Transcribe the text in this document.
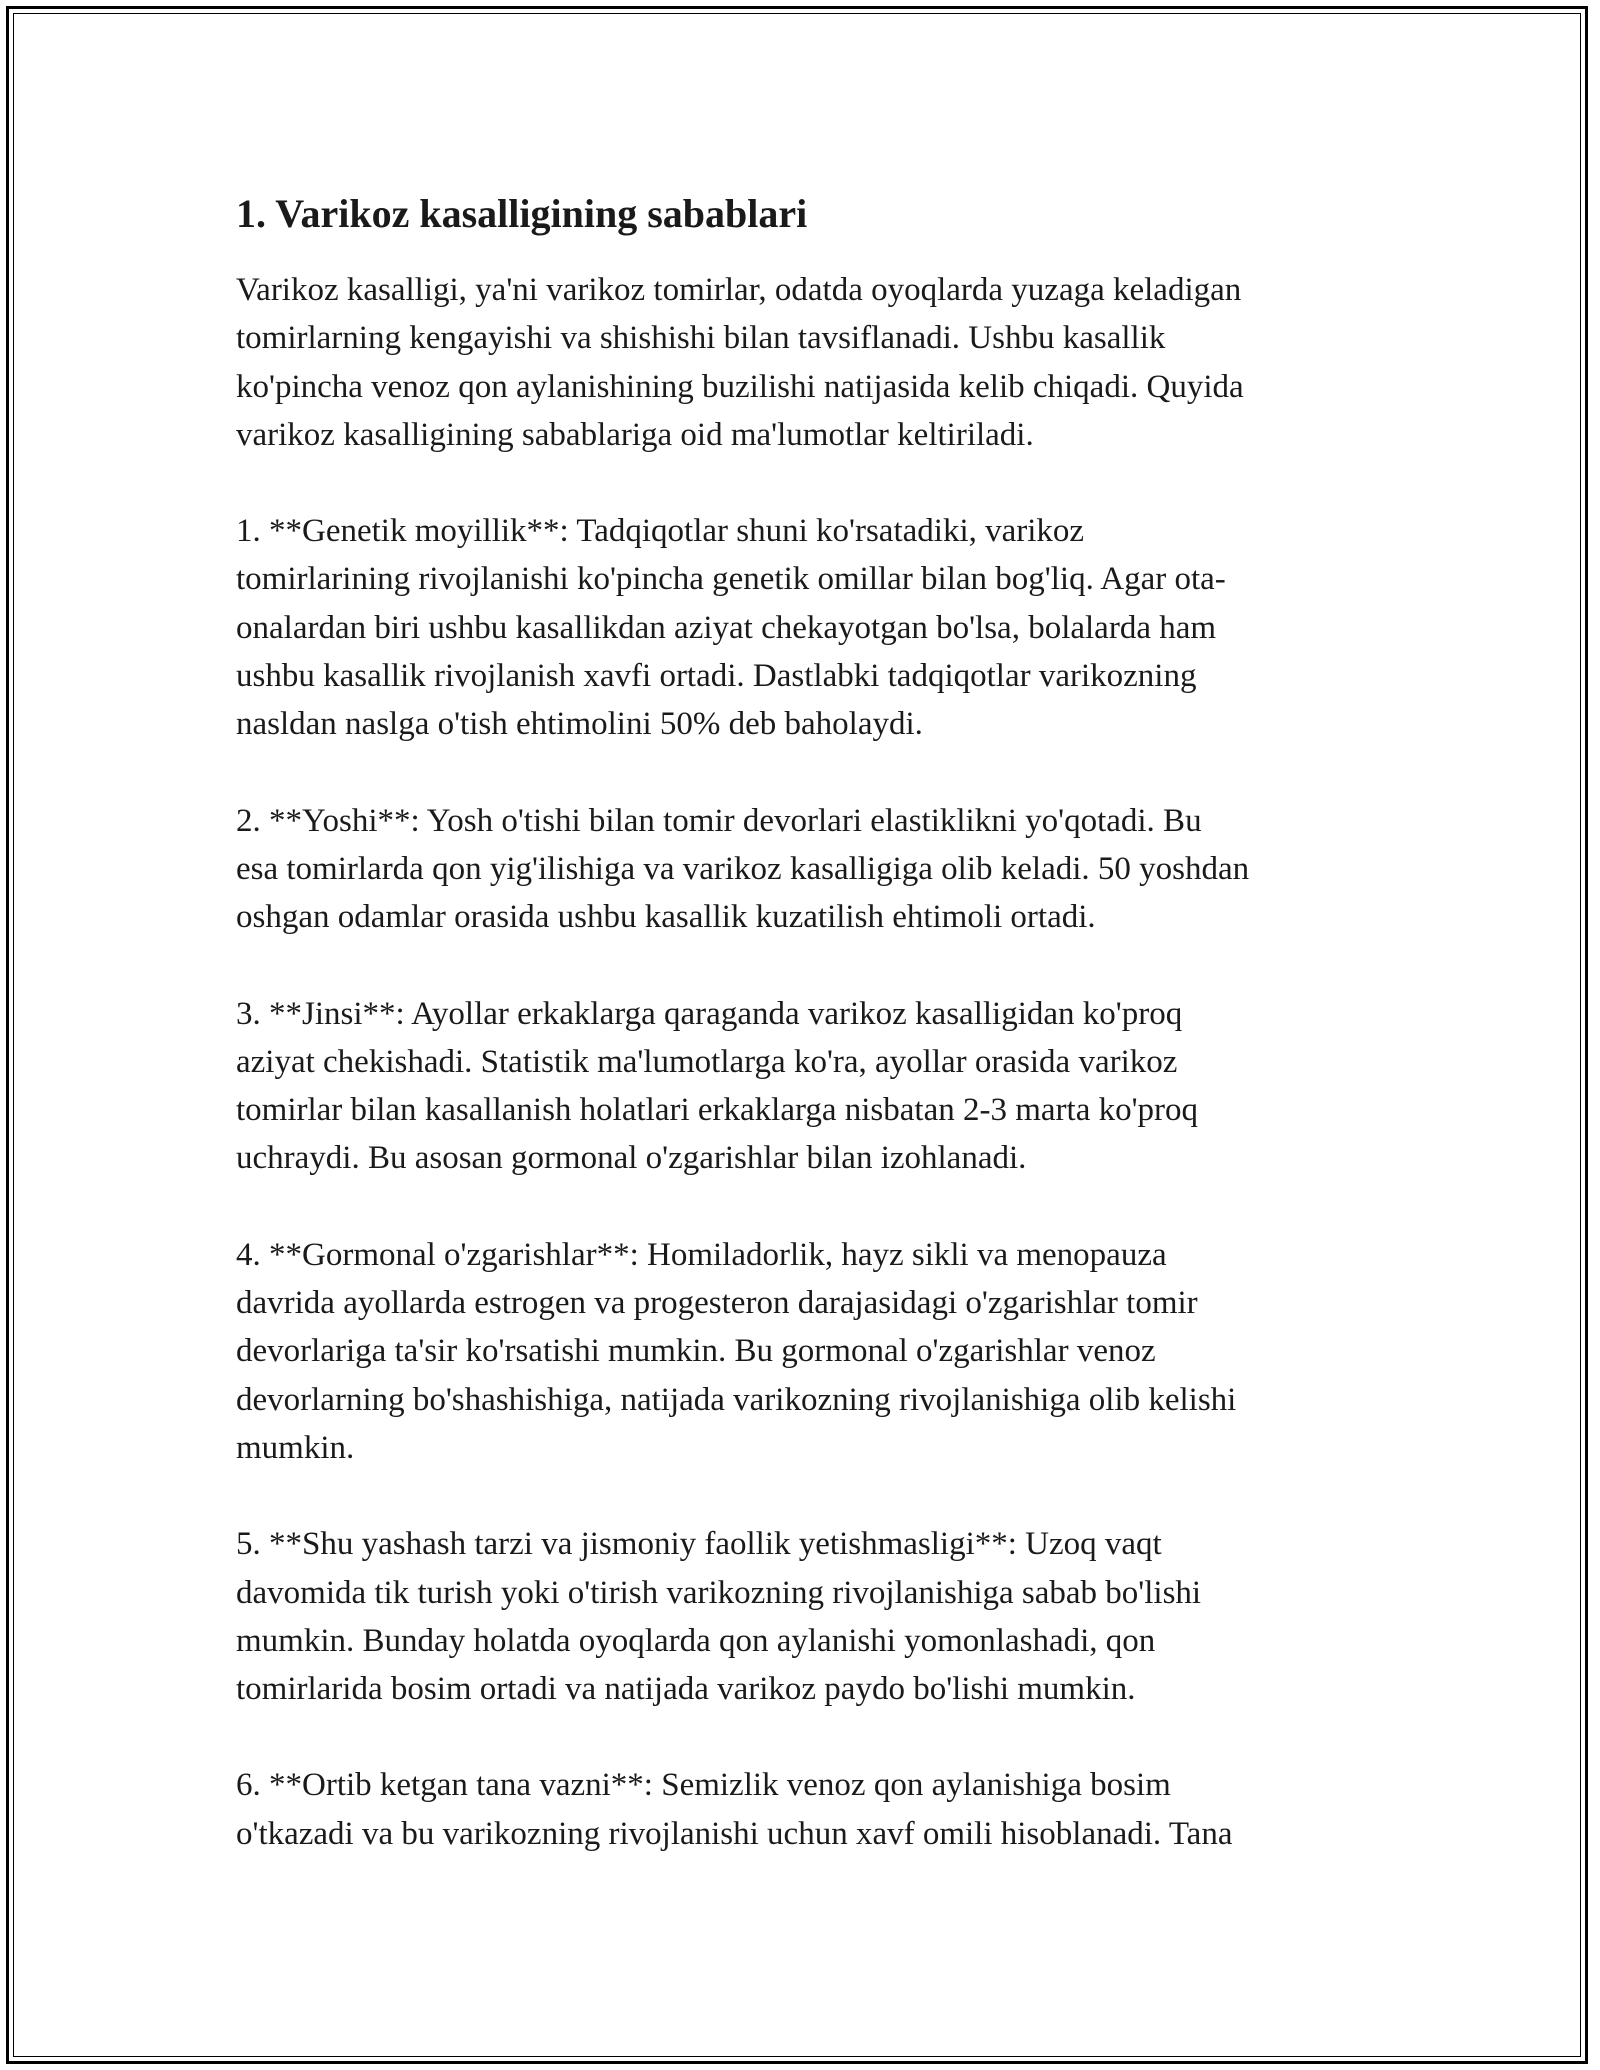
1. Varikoz kasalligining sabablari

Varikoz kasalligi, ya'ni varikoz tomirlar, odatda oyoqlarda yuzaga keladigan
tomirlarning kengayishi va shishishi bilan tavsiflanadi. Ushbu kasallik
ko'pincha venoz qon aylanishining buzilishi natijasida kelib chiqadi. Quyida
varikoz kasalligining sabablariga oid ma'lumotlar keltiriladi.

1. **Genetik moyillik**: Tadqiqotlar shuni ko'rsatadiki, varikoz
tomirlarining rivojlanishi ko'pincha genetik omillar bilan bog'liq. Agar ota-
onalardan biri ushbu kasallikdan aziyat chekayotgan bo'lsa, bolalarda ham
ushbu kasallik rivojlanish xavfi ortadi. Dastlabki tadqiqotlar varikozning
nasldan naslga o'tish ehtimolini 50% deb baholaydi.

2. **Yoshi**: Yosh o'tishi bilan tomir devorlari elastiklikni yo'qotadi. Bu
esa tomirlarda qon yig'ilishiga va varikoz kasalligiga olib keladi. 50 yoshdan
oshgan odamlar orasida ushbu kasallik kuzatilish ehtimoli ortadi.

3. **Jinsi**: Ayollar erkaklarga qaraganda varikoz kasalligidan ko'proq
aziyat chekishadi. Statistik ma'lumotlarga ko'ra, ayollar orasida varikoz
tomirlar bilan kasallanish holatlari erkaklarga nisbatan 2-3 marta ko'proq
uchraydi. Bu asosan gormonal o'zgarishlar bilan izohlanadi.

4. **Gormonal o'zgarishlar**: Homiladorlik, hayz sikli va menopauza
davrida ayollarda estrogen va progesteron darajasidagi o'zgarishlar tomir
devorlariga ta'sir ko'rsatishi mumkin. Bu gormonal o'zgarishlar venoz
devorlarning bo'shashishiga, natijada varikozning rivojlanishiga olib kelishi
mumkin.

5. **Shu yashash tarzi va jismoniy faollik yetishmasligi**: Uzoq vaqt
davomida tik turish yoki o'tirish varikozning rivojlanishiga sabab bo'lishi
mumkin. Bunday holatda oyoqlarda qon aylanishi yomonlashadi, qon
tomirlarida bosim ortadi va natijada varikoz paydo bo'lishi mumkin.

6. **Ortib ketgan tana vazni**: Semizlik venoz qon aylanishiga bosim
o'tkazadi va bu varikozning rivojlanishi uchun xavf omili hisoblanadi. Tana
